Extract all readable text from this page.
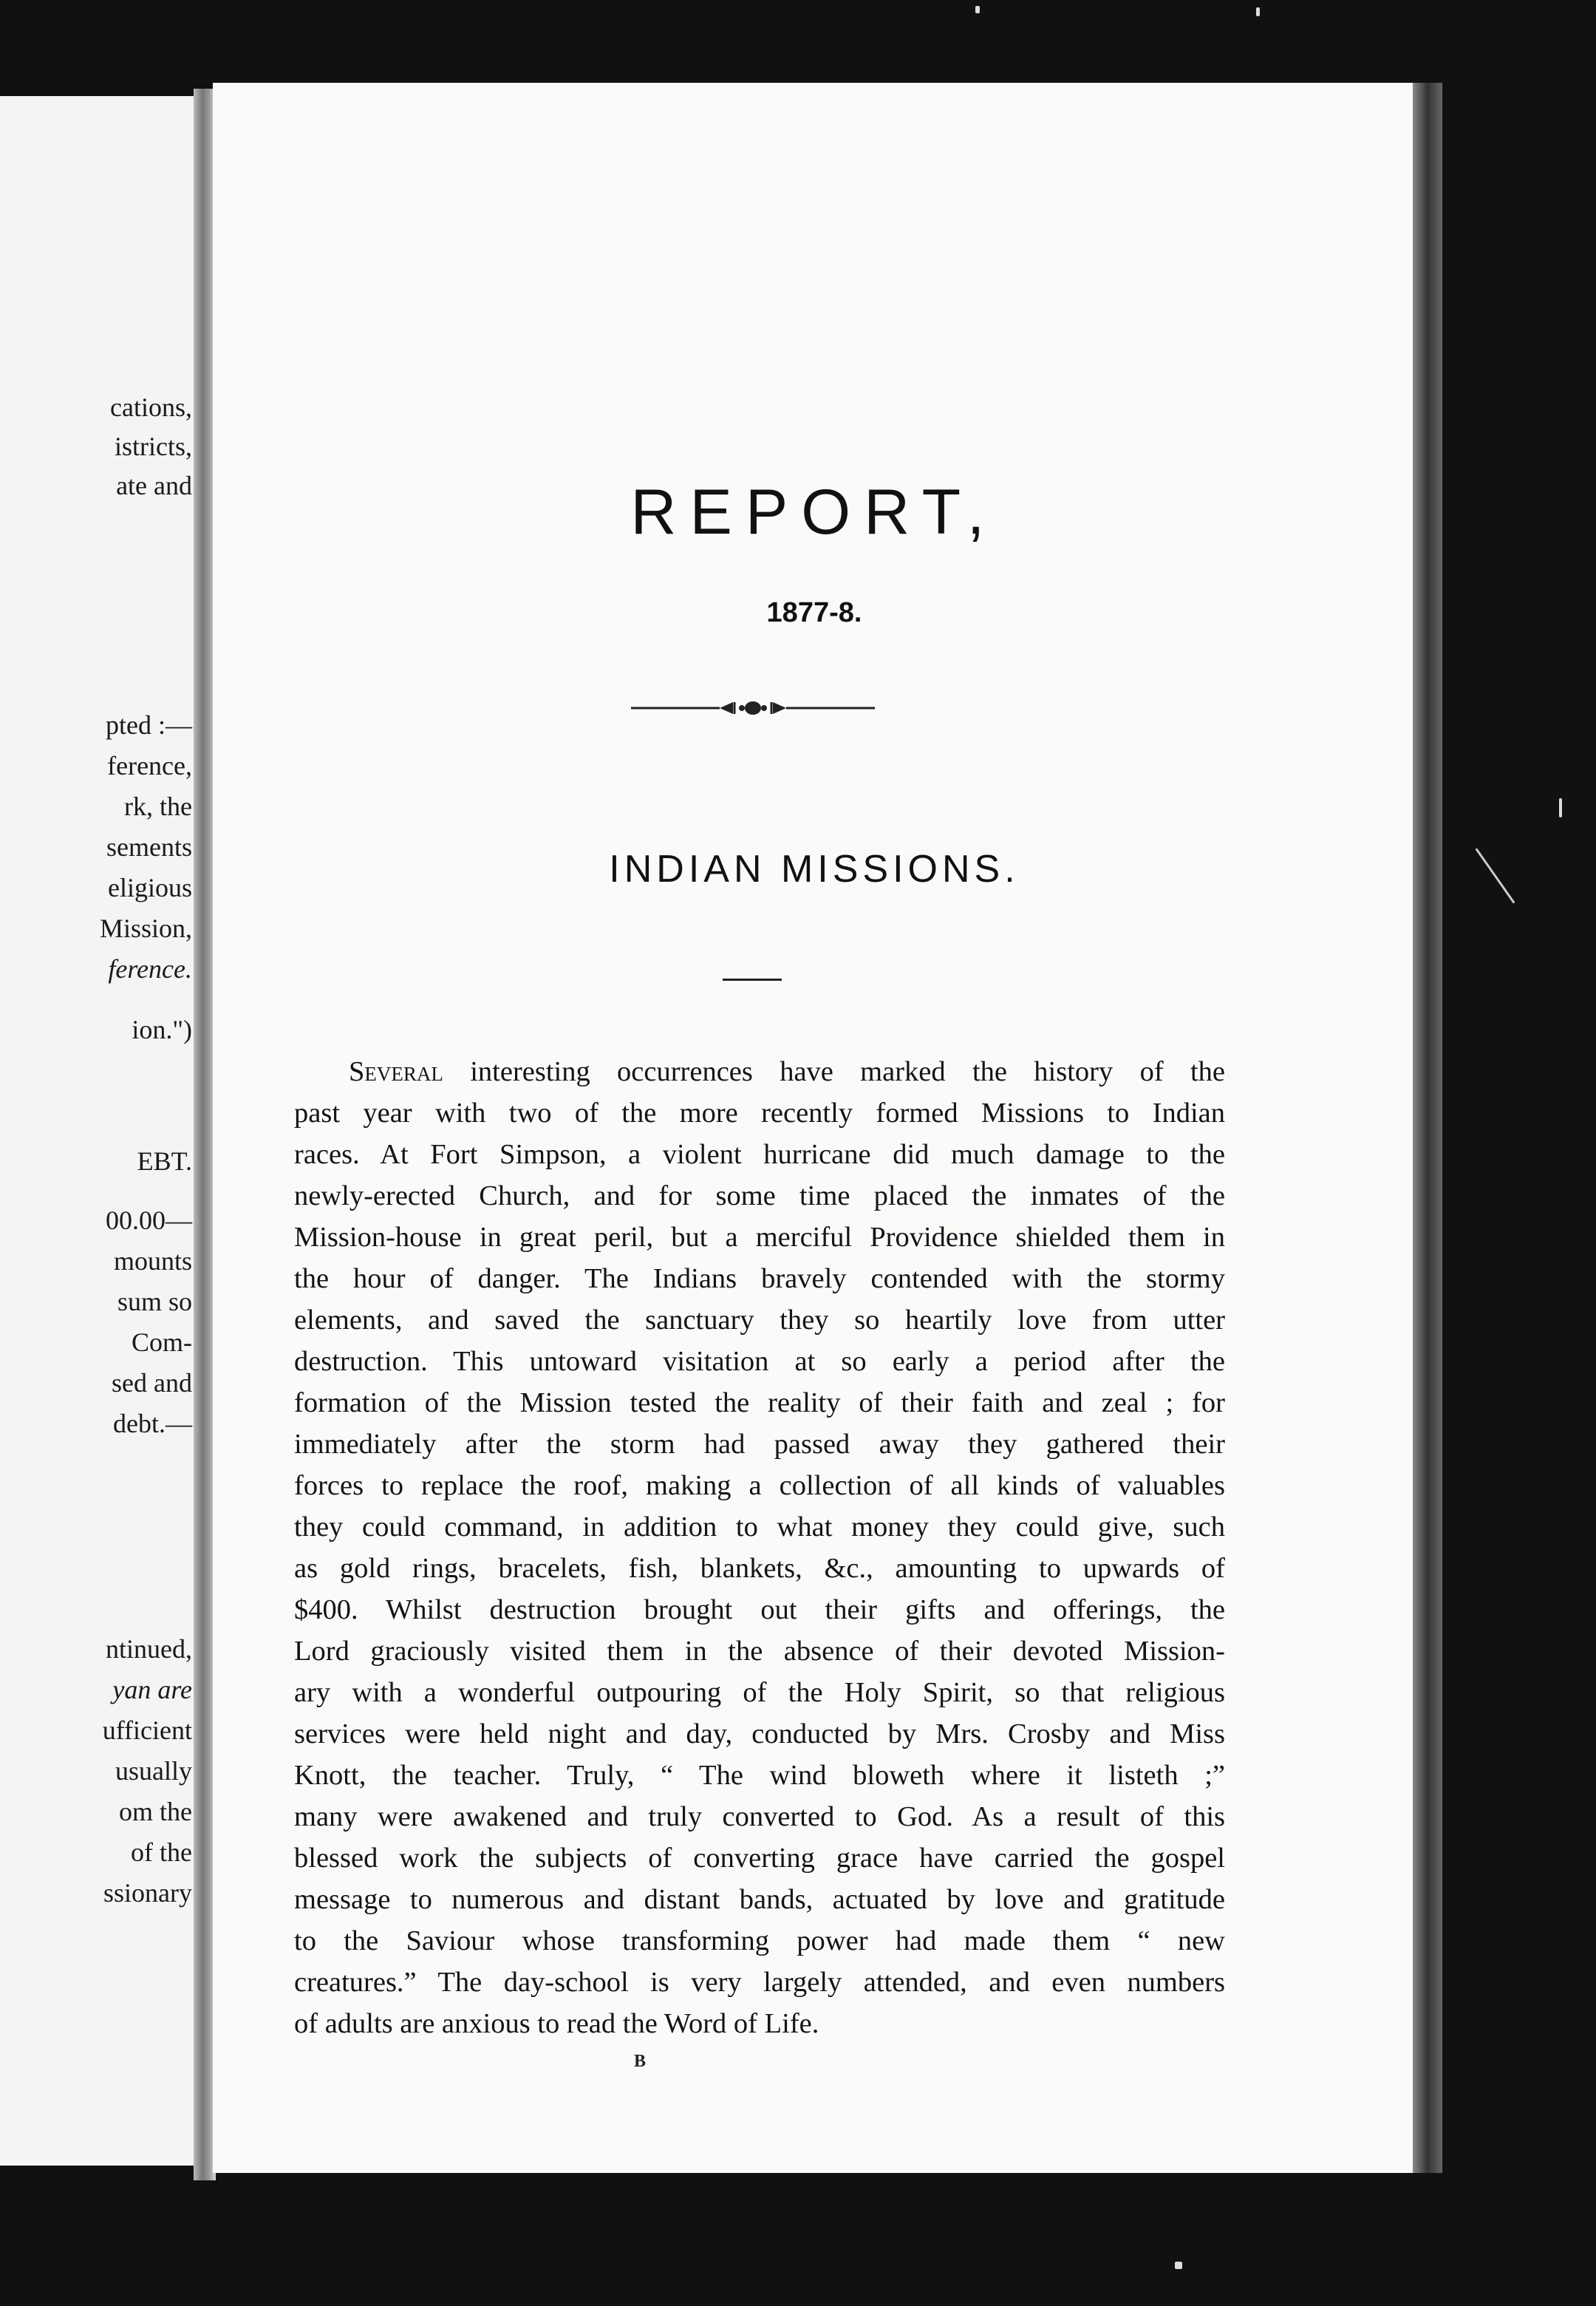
cations,
istricts,
ate and
pted :—
ference,
rk, the
sements
eligious
Mission,
ference.
ion.")
EBT.
00.00—
mounts
sum so
Com-
sed and
debt.—
ntinued,
yan are
ufficient
usually
om the
of the
ssionary
REPORT,
1877-8.
INDIAN MISSIONS.
Several interesting occurrences have marked the history of the
past year with two of the more recently formed Missions to Indian
races. At Fort Simpson, a violent hurricane did much damage to the
newly-erected Church, and for some time placed the inmates of the
Mission-house in great peril, but a merciful Providence shielded them in
the hour of danger. The Indians bravely contended with the stormy
elements, and saved the sanctuary they so heartily love from utter
destruction. This untoward visitation at so early a period after the
formation of the Mission tested the reality of their faith and zeal ; for
immediately after the storm had passed away they gathered their
forces to replace the roof, making a collection of all kinds of valuables
they could command, in addition to what money they could give, such
as gold rings, bracelets, fish, blankets, &c., amounting to upwards of
$400. Whilst destruction brought out their gifts and offerings, the
Lord graciously visited them in the absence of their devoted Mission-
ary with a wonderful outpouring of the Holy Spirit, so that religious
services were held night and day, conducted by Mrs. Crosby and Miss
Knott, the teacher. Truly, “ The wind bloweth where it listeth ;”
many were awakened and truly converted to God. As a result of this
blessed work the subjects of converting grace have carried the gospel
message to numerous and distant bands, actuated by love and gratitude
to the Saviour whose transforming power had made them “ new
creatures.” The day-school is very largely attended, and even numbers
of adults are anxious to read the Word of Life.
B
